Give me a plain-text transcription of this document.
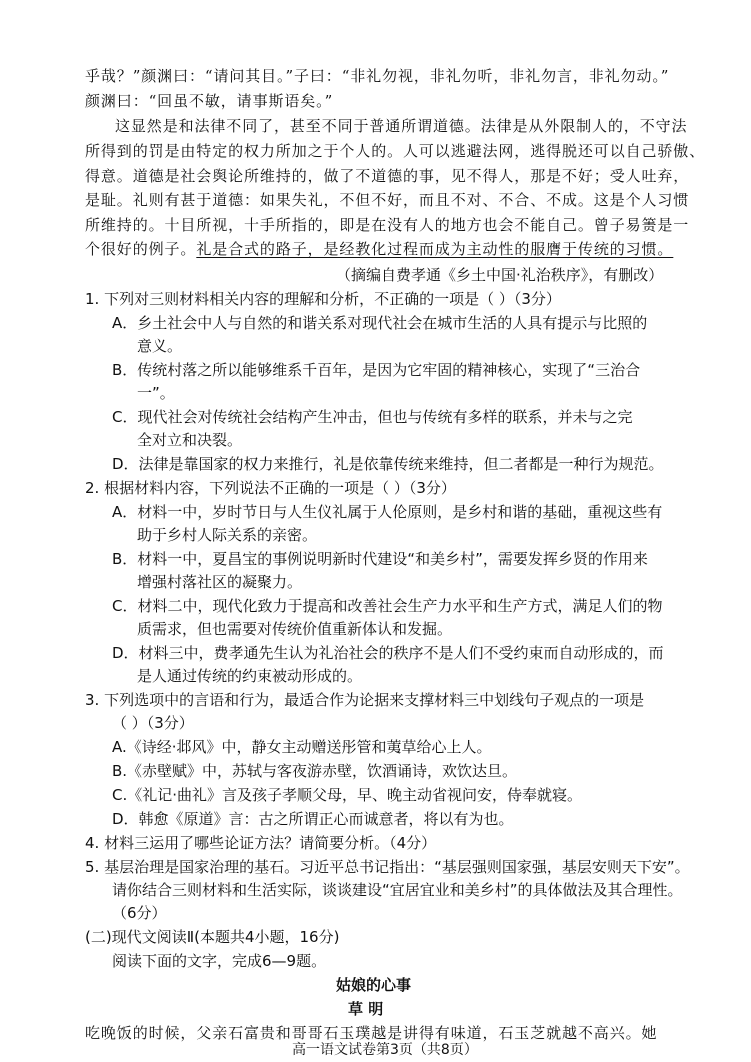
乎哉？”颜渊曰：“请问其目。”子曰：“非礼勿视，非礼勿听，非礼勿言，非礼勿动。”
颜渊曰：“回虽不敏，请事斯语矣。”
这显然是和法律不同了，甚至不同于普通所谓道德。法律是从外限制人的，不守法
所得到的罚是由特定的权力所加之于个人的。人可以逃避法网，逃得脱还可以自己骄傲、
得意。道德是社会舆论所维持的，做了不道德的事，见不得人，那是不好；受人吐弃，
是耻。礼则有甚于道德：如果失礼，不但不好，而且不对、不合、不成。这是个人习惯
所维持的。十目所视，十手所指的，即是在没有人的地方也会不能自己。曾子易箦是一
个很好的例子。礼是合式的路子，是经教化过程而成为主动性的服膺于传统的习惯。
（摘编自费孝通《乡土中国·礼治秩序》，有删改）
1. 下列对三则材料相关内容的理解和分析，不正确的一项是（ ）（3分）
A．乡土社会中人与自然的和谐关系对现代社会在城市生活的人具有提示与比照的
意义。
B．传统村落之所以能够维系千百年，是因为它牢固的精神核心，实现了“三治合
一”。
C．现代社会对传统社会结构产生冲击，但也与传统有多样的联系，并未与之完
全对立和决裂。
D．法律是靠国家的权力来推行，礼是依靠传统来维持，但二者都是一种行为规范。
2. 根据材料内容，下列说法不正确的一项是（ ）（3分）
A．材料一中，岁时节日与人生仪礼属于人伦原则，是乡村和谐的基础，重视这些有
助于乡村人际关系的亲密。
B．材料一中，夏昌宝的事例说明新时代建设“和美乡村”，需要发挥乡贤的作用来
增强村落社区的凝聚力。
C．材料二中，现代化致力于提高和改善社会生产力水平和生产方式，满足人们的物
质需求，但也需要对传统价值重新体认和发掘。
D．材料三中，费孝通先生认为礼治社会的秩序不是人们不受约束而自动形成的，而
是人通过传统的约束被动形成的。
3. 下列选项中的言语和行为，最适合作为论据来支撑材料三中划线句子观点的一项是
（ ）（3分）
A.《诗经·邶风》中，静女主动赠送彤管和荑草给心上人。
B.《赤壁赋》中，苏轼与客夜游赤壁，饮酒诵诗，欢饮达旦。
C.《礼记·曲礼》言及孩子孝顺父母，早、晚主动省视问安，侍奉就寝。
D．韩愈《原道》言：古之所谓正心而诚意者，将以有为也。
4. 材料三运用了哪些论证方法？请简要分析。（4分）
5. 基层治理是国家治理的基石。习近平总书记指出：“基层强则国家强，基层安则天下安”。
请你结合三则材料和生活实际，谈谈建设“宜居宜业和美乡村”的具体做法及其合理性。
（6分）
(二)现代文阅读Ⅱ(本题共4小题，16分)
阅读下面的文字，完成6—9题。
姑娘的心事
草 明
吃晚饭的时候，父亲石富贵和哥哥石玉璞越是讲得有味道，石玉芝就越不高兴。她
高一语文试卷第3页（共8页）
